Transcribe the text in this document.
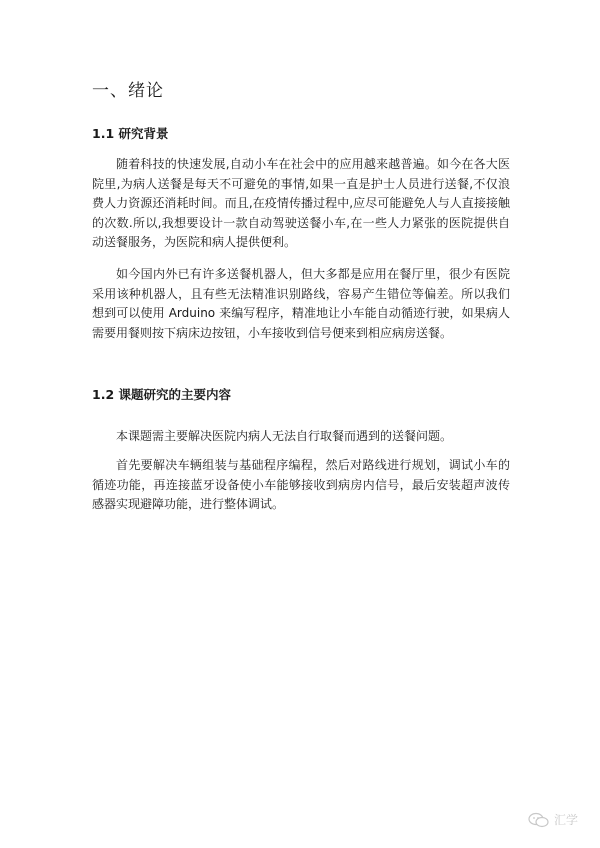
一、绪论
1.1 研究背景

随着科技的快速发展,自动小车在社会中的应用越来越普遍。如今在各大医院里,为病人送餐是每天不可避免的事情,如果一直是护士人员进行送餐,不仅浪费人力资源还消耗时间。而且,在疫情传播过程中,应尽可能避免人与人直接接触的次数.所以,我想要设计一款自动驾驶送餐小车,在一些人力紧张的医院提供自动送餐服务，为医院和病人提供便利。

如今国内外已有许多送餐机器人，但大多都是应用在餐厅里，很少有医院采用该种机器人，且有些无法精准识别路线，容易产生错位等偏差。所以我们想到可以使用 Arduino 来编写程序，精准地让小车能自动循迹行驶，如果病人需要用餐则按下病床边按钮，小车接收到信号便来到相应病房送餐。

1.2 课题研究的主要内容

本课题需主要解决医院内病人无法自行取餐而遇到的送餐问题。

首先要解决车辆组装与基础程序编程，然后对路线进行规划，调试小车的循迹功能，再连接蓝牙设备使小车能够接收到病房内信号，最后安装超声波传感器实现避障功能，进行整体调试。

汇学
